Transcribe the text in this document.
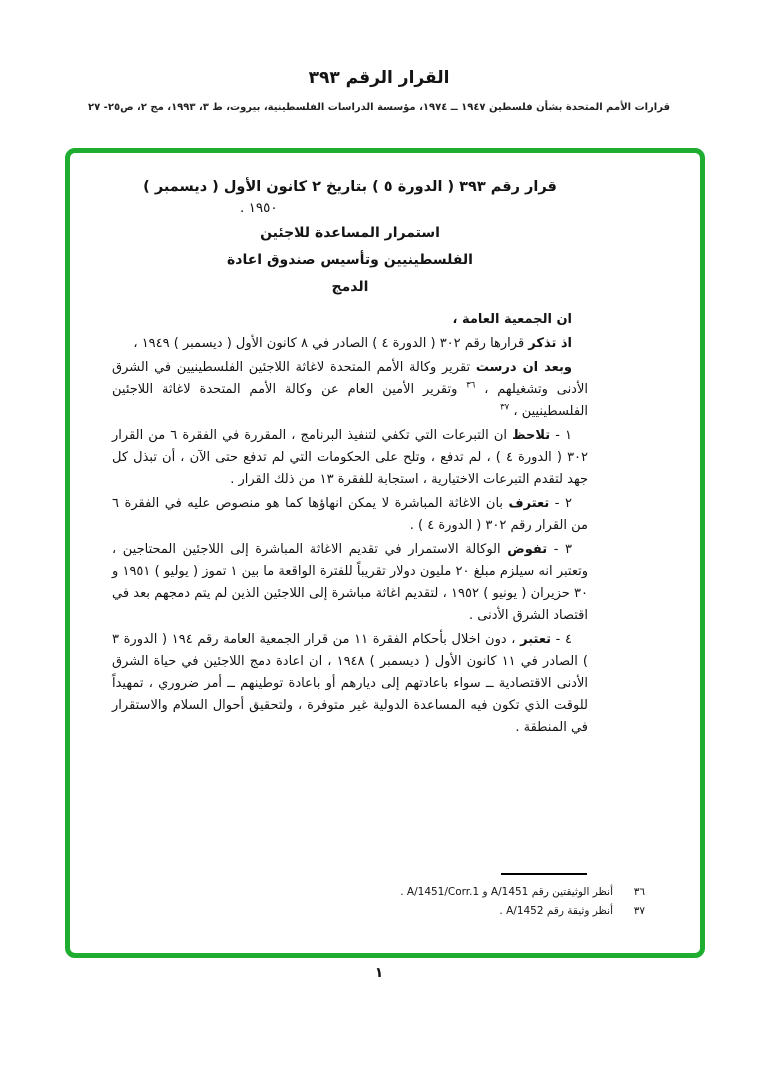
القرار الرقم ٣٩٣
قرارات الأمم المتحدة بشأن فلسطين ١٩٤٧ ــ ١٩٧٤، مؤسسة الدراسات الفلسطينية، بيروت، ط ٣، ١٩٩٣، مج ٢، ص٢٥- ٢٧
قرار رقم ٣٩٣ ( الدورة ٥ ) بتاريخ ٢ كانون الأول ( ديسمبر )
١٩٥٠ .
استمرار المساعدة للاجئين
الفلسطينيين وتأسيس صندوق اعادة
الدمج

ان الجمعية العامة ،

اذ تذكر قرارها رقم ٣٠٢ ( الدورة ٤ ) الصادر في ٨ كانون الأول ( ديسمبر ) ١٩٤٩ ،

وبعد ان درست تقرير وكالة الأمم المتحدة لاغاثة اللاجئين الفلسطينيين في الشرق الأدنى وتشغيلهم ، $^{٣٦}$ وتقرير الأمين العام عن وكالة الأمم المتحدة لاغاثة اللاجئين الفلسطينيين ، $^{٣٧}$

١ - تلاحظ ان التبرعات التي تكفي لتنفيذ البرنامج ، المقررة في الفقرة ٦ من القرار ٣٠٢ ( الدورة ٤ ) ، لم تدفع ، وتلح على الحكومات التي لم تدفع حتى الآن ، أن تبذل كل جهد لتقدم التبرعات الاختيارية ، استجابة للفقرة ١٣ من ذلك القرار .

٢ - تعترف بان الاغاثة المباشرة لا يمكن انهاؤها كما هو منصوص عليه في الفقرة ٦ من القرار رقم ٣٠٢ ( الدورة ٤ ) .

٣ - تفوض الوكالة الاستمرار في تقديم الاغاثة المباشرة إلى اللاجئين المحتاجين ، وتعتبر انه سيلزم مبلغ ٢٠ مليون دولار تقريباً للفترة الواقعة ما بين ١ تموز ( يوليو ) ١٩٥١ و ٣٠ حزيران ( يونيو ) ١٩٥٢ ، لتقديم اغاثة مباشرة إلى اللاجئين الذين لم يتم دمجهم بعد في اقتصاد الشرق الأدنى .

٤ - تعتبر ، دون اخلال بأحكام الفقرة ١١ من قرار الجمعية العامة رقم ١٩٤ ( الدورة ٣ ) الصادر في ١١ كانون الأول ( ديسمبر ) ١٩٤٨ ، ان اعادة دمج اللاجئين في حياة الشرق الأدنى الاقتصادية ــ سواء باعادتهم إلى ديارهم أو باعادة توطينهم ــ أمر ضروري ، تمهيداً للوقت الذي تكون فيه المساعدة الدولية غير متوفرة ، ولتحقيق أحوال السلام والاستقرار في المنطقة .

٣٦أنظر الوثيقتين رقم A/1451 و A/1451/Corr.1 .
٣٧أنظر وثيقة رقم A/1452 .
١
